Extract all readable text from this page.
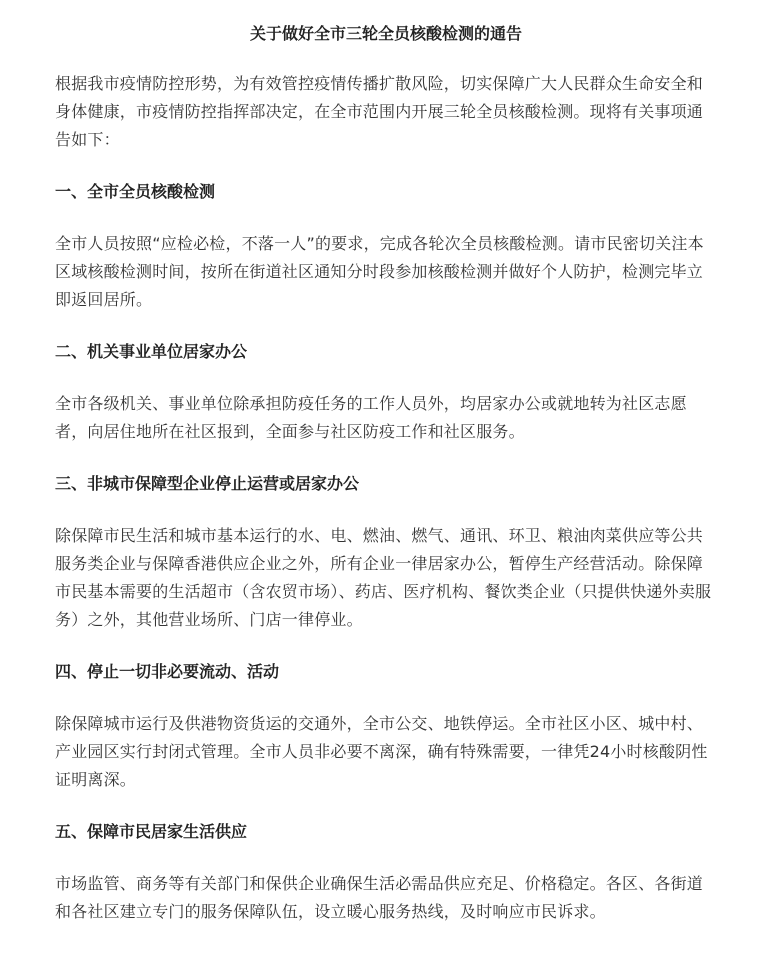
关于做好全市三轮全员核酸检测的通告
根据我市疫情防控形势，为有效管控疫情传播扩散风险，切实保障广大人民群众生命安全和身体健康，市疫情防控指挥部决定，在全市范围内开展三轮全员核酸检测。现将有关事项通告如下：
一、全市全员核酸检测
全市人员按照“应检必检，不落一人”的要求，完成各轮次全员核酸检测。请市民密切关注本区域核酸检测时间，按所在街道社区通知分时段参加核酸检测并做好个人防护，检测完毕立即返回居所。
二、机关事业单位居家办公
全市各级机关、事业单位除承担防疫任务的工作人员外，均居家办公或就地转为社区志愿者，向居住地所在社区报到，全面参与社区防疫工作和社区服务。
三、非城市保障型企业停止运营或居家办公
除保障市民生活和城市基本运行的水、电、燃油、燃气、通讯、环卫、粮油肉菜供应等公共服务类企业与保障香港供应企业之外，所有企业一律居家办公，暂停生产经营活动。除保障市民基本需要的生活超市（含农贸市场）、药店、医疗机构、餐饮类企业（只提供快递外卖服务）之外，其他营业场所、门店一律停业。
四、停止一切非必要流动、活动
除保障城市运行及供港物资货运的交通外，全市公交、地铁停运。全市社区小区、城中村、产业园区实行封闭式管理。全市人员非必要不离深，确有特殊需要，一律凭24小时核酸阴性证明离深。
五、保障市民居家生活供应
市场监管、商务等有关部门和保供企业确保生活必需品供应充足、价格稳定。各区、各街道和各社区建立专门的服务保障队伍，设立暖心服务热线，及时响应市民诉求。
